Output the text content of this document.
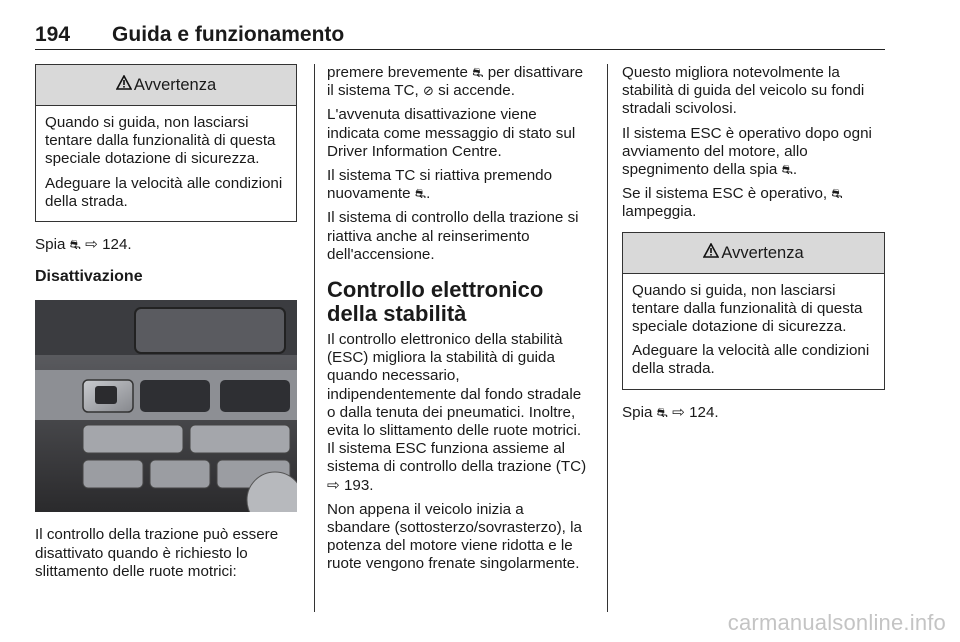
194 Guida e funzionamento
Avvertenza

Quando si guida, non lasciarsi tentare dalla funzionalità di questa speciale dotazione di sicurezza.

Adeguare la velocità alle condizioni della strada.

Spia ⛐ ⇨ 124.

Disattivazione

Il controllo della trazione può essere disattivato quando è richiesto lo slittamento delle ruote motrici:

premere brevemente ⛐ per disattivare il sistema TC, ⊘ si accende.

L'avvenuta disattivazione viene indicata come messaggio di stato sul Driver Information Centre.

Il sistema TC si riattiva premendo nuovamente ⛐.

Il sistema di controllo della trazione si riattiva anche al reinserimento dell'accensione.

Controllo elettronico della stabilità

Il controllo elettronico della stabilità (ESC) migliora la stabilità di guida quando necessario, indipendentemente dal fondo stradale o dalla tenuta dei pneumatici. Inoltre, evita lo slittamento delle ruote motrici. Il sistema ESC funziona assieme al sistema di controllo della trazione (TC) ⇨ 193.

Non appena il veicolo inizia a sbandare (sottosterzo/sovrasterzo), la potenza del motore viene ridotta e le ruote vengono frenate singolarmente.

Questo migliora notevolmente la stabilità di guida del veicolo su fondi stradali scivolosi.

Il sistema ESC è operativo dopo ogni avviamento del motore, allo spegnimento della spia ⛐.

Se il sistema ESC è operativo, ⛐ lampeggia.

Avvertenza

Quando si guida, non lasciarsi tentare dalla funzionalità di questa speciale dotazione di sicurezza.

Adeguare la velocità alle condizioni della strada.

Spia ⛐ ⇨ 124.

carmanualsonline.info
